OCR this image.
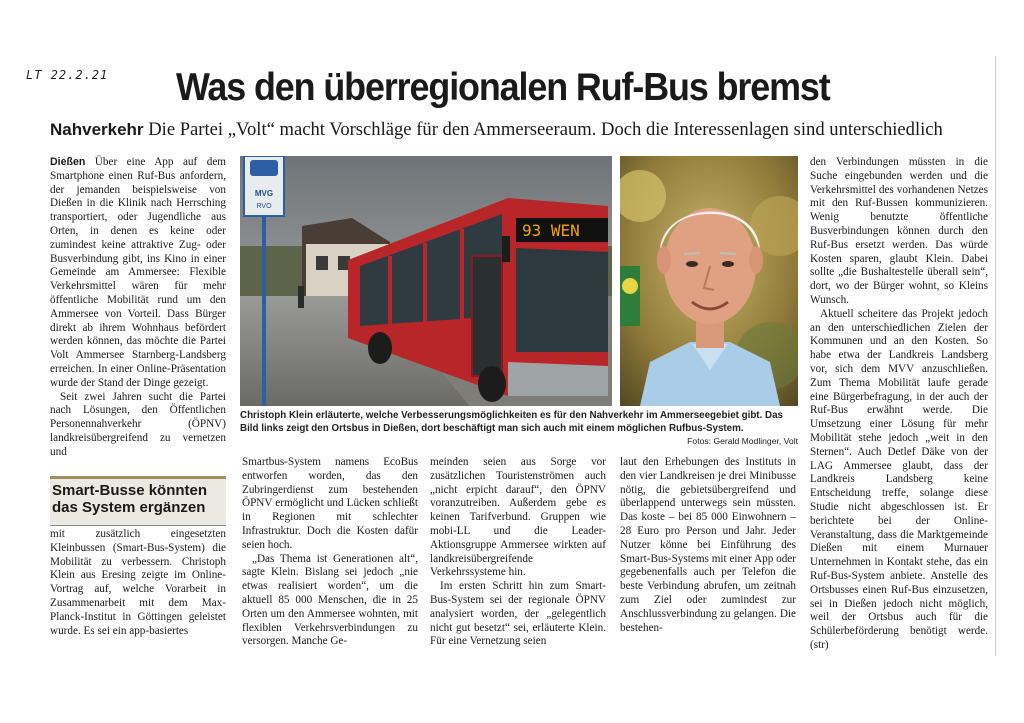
LT 22.2.21 Was den überregionalen Ruf-Bus bremst
Nahverkehr Die Partei „Volt“ macht Vorschläge für den Ammerseeraum. Doch die Interessenlagen sind unterschiedlich

Dießen Über eine App auf dem Smartphone einen Ruf-Bus anfordern, der jemanden beispielsweise von Dießen in die Klinik nach Herrsching transportiert, oder Jugendliche aus Orten, in denen es keine oder zumindest keine attraktive Zug- oder Busverbindung gibt, ins Kino in einer Gemeinde am Ammersee: Flexible Verkehrsmittel wären für mehr öffentliche Mobilität rund um den Ammersee von Vorteil. Dass Bürger direkt ab ihrem Wohnhaus befördert werden können, das möchte die Partei Volt Ammersee Starnberg-Landsberg erreichen. In einer Online-Präsentation wurde der Stand der Dinge gezeigt.

Seit zwei Jahren sucht die Partei nach Lösungen, den Öffentlichen Personennahverkehr (ÖPNV) landkreisübergreifend zu vernetzen und

Smart-Busse könnten das System ergänzen

mit zusätzlich eingesetzten Kleinbussen (Smart-Bus-System) die Mobilität zu verbessern. Christoph Klein aus Eresing zeigte im Online-Vortrag auf, welche Vorarbeit in Zusammenarbeit mit dem Max-Planck-Institut in Göttingen geleistet wurde. Es sei ein app-basiertes

MVG
RVO
93 WEN
Christoph Klein erläuterte, welche Verbesserungsmöglichkeiten es für den Nahverkehr im Ammerseegebiet gibt. Das Bild links zeigt den Ortsbus in Dießen, dort beschäftigt man sich auch mit einem möglichen Rufbus-System.
Fotos: Gerald Modlinger, Volt

Smartbus-System namens EcoBus entworfen worden, das den Zubringerdienst zum bestehenden ÖPNV ermöglicht und Lücken schließt in Regionen mit schlechter Infrastruktur. Doch die Kosten dafür seien hoch.

„Das Thema ist Generationen alt“, sagte Klein. Bislang sei jedoch „nie etwas realisiert worden“, um die aktuell 85 000 Menschen, die in 25 Orten um den Ammersee wohnten, mit flexiblen Verkehrsverbindungen zu versorgen. Manche Ge-

meinden seien aus Sorge vor zusätzlichen Touristenströmen auch „nicht erpicht darauf“, den ÖPNV voranzutreiben. Außerdem gebe es keinen Tarifverbund. Gruppen wie mobi-LL und die Leader-Aktionsgruppe Ammersee wirkten auf landkreisübergreifende Verkehrssysteme hin.

Im ersten Schritt hin zum Smart-Bus-System sei der regionale ÖPNV analysiert worden, der „gelegentlich nicht gut besetzt“ sei, erläuterte Klein. Für eine Vernetzung seien

laut den Erhebungen des Instituts in den vier Landkreisen je drei Minibusse nötig, die gebietsübergreifend und überlappend unterwegs sein müssten. Das koste – bei 85 000 Einwohnern – 28 Euro pro Person und Jahr. Jeder Nutzer könne bei Einführung des Smart-Bus-Systems mit einer App oder gegebenenfalls auch per Telefon die beste Verbindung abrufen, um zeitnah zum Ziel oder zumindest zur Anschlussverbindung zu gelangen. Die bestehen-

den Verbindungen müssten in die Suche eingebunden werden und die Verkehrsmittel des vorhandenen Netzes mit den Ruf-Bussen kommunizieren. Wenig benutzte öffentliche Busverbindungen können durch den Ruf-Bus ersetzt werden. Das würde Kosten sparen, glaubt Klein. Dabei sollte „die Bushaltestelle überall sein“, dort, wo der Bürger wohnt, so Kleins Wunsch.

Aktuell scheitere das Projekt jedoch an den unterschiedlichen Zielen der Kommunen und an den Kosten. So habe etwa der Landkreis Landsberg vor, sich dem MVV anzuschließen. Zum Thema Mobilität laufe gerade eine Bürgerbefragung, in der auch der Ruf-Bus erwähnt werde. Die Umsetzung einer Lösung für mehr Mobilität stehe jedoch „weit in den Sternen“. Auch Detlef Däke von der LAG Ammersee glaubt, dass der Landkreis Landsberg keine Entscheidung treffe, solange diese Studie nicht abgeschlossen ist. Er berichtete bei der Online-Veranstaltung, dass die Marktgemeinde Dießen mit einem Murnauer Unternehmen in Kontakt stehe, das ein Ruf-Bus-System anbiete. Anstelle des Ortsbusses einen Ruf-Bus einzusetzen, sei in Dießen jedoch nicht möglich, weil der Ortsbus auch für die Schülerbeförderung benötigt werde. (str)
